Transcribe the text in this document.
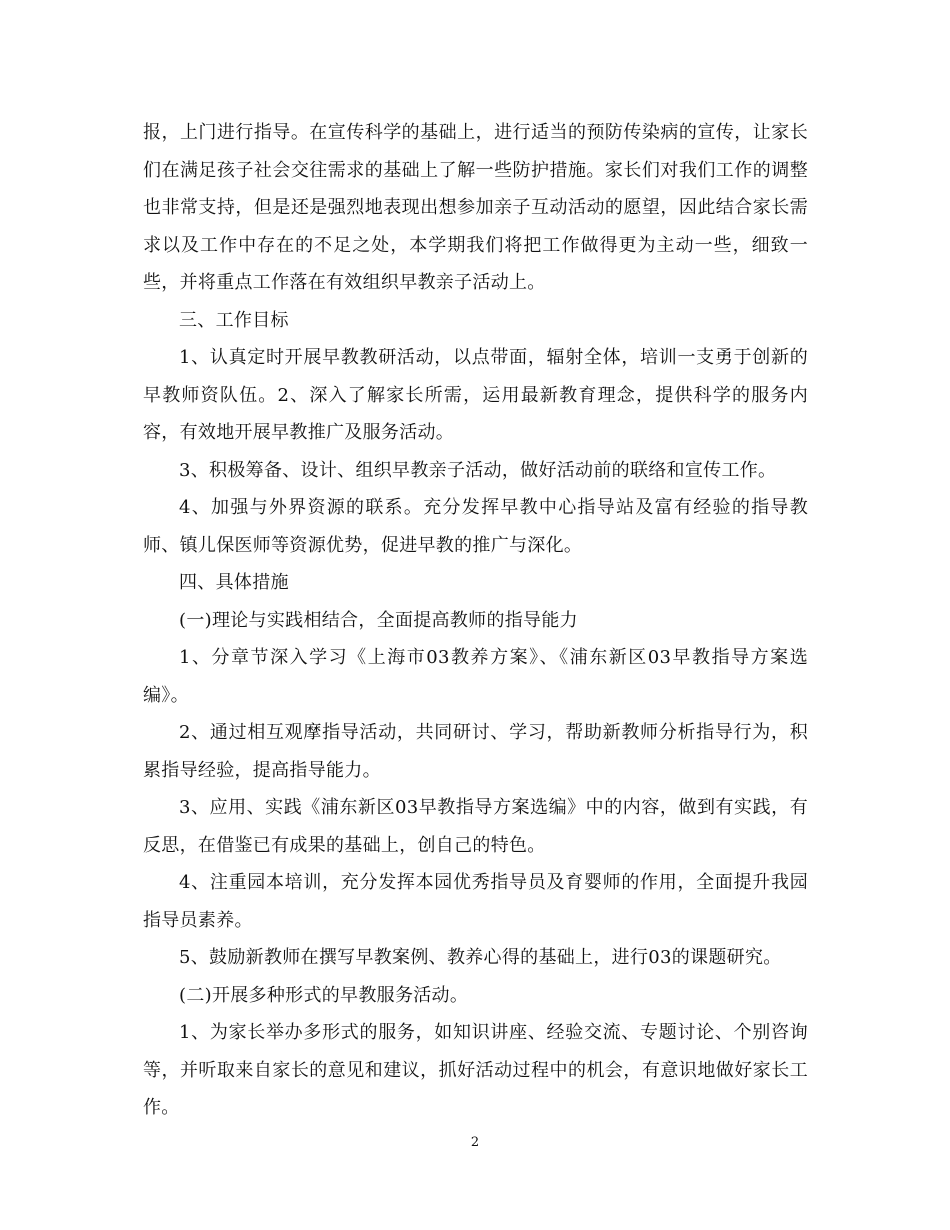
报，上门进行指导。在宣传科学的基础上，进行适当的预防传染病的宣传，让家长们在满足孩子社会交往需求的基础上了解一些防护措施。家长们对我们工作的调整也非常支持，但是还是强烈地表现出想参加亲子互动活动的愿望，因此结合家长需求以及工作中存在的不足之处，本学期我们将把工作做得更为主动一些，细致一些，并将重点工作落在有效组织早教亲子活动上。

三、工作目标

1、认真定时开展早教教研活动，以点带面，辐射全体，培训一支勇于创新的早教师资队伍。2、深入了解家长所需，运用最新教育理念，提供科学的服务内容，有效地开展早教推广及服务活动。

3、积极筹备、设计、组织早教亲子活动，做好活动前的联络和宣传工作。

4、加强与外界资源的联系。充分发挥早教中心指导站及富有经验的指导教师、镇儿保医师等资源优势，促进早教的推广与深化。

四、具体措施

(一)理论与实践相结合，全面提高教师的指导能力

1、分章节深入学习《上海市03教养方案》、《浦东新区03早教指导方案选编》。

2、通过相互观摩指导活动，共同研讨、学习，帮助新教师分析指导行为，积累指导经验，提高指导能力。

3、应用、实践《浦东新区03早教指导方案选编》中的内容，做到有实践，有反思，在借鉴已有成果的基础上，创自己的特色。

4、注重园本培训，充分发挥本园优秀指导员及育婴师的作用，全面提升我园指导员素养。

5、鼓励新教师在撰写早教案例、教养心得的基础上，进行03的课题研究。

(二)开展多种形式的早教服务活动。

1、为家长举办多形式的服务，如知识讲座、经验交流、专题讨论、个别咨询等，并听取来自家长的意见和建议，抓好活动过程中的机会，有意识地做好家长工作。

2
